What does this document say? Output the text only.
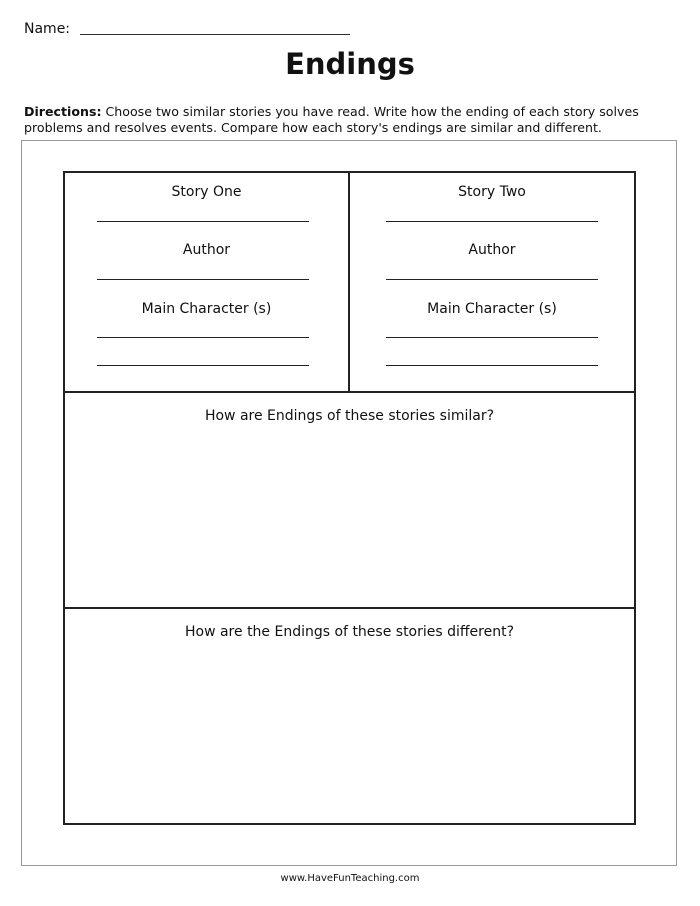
Name:
Endings
Directions: Choose two similar stories you have read. Write how the ending of each story solves problems and resolves events. Compare how each story's endings are similar and different.
Story One
Author
Main Character (s)
Story Two
Author
Main Character (s)
How are Endings of these stories similar?
How are the Endings of these stories different?
www.HaveFunTeaching.com
